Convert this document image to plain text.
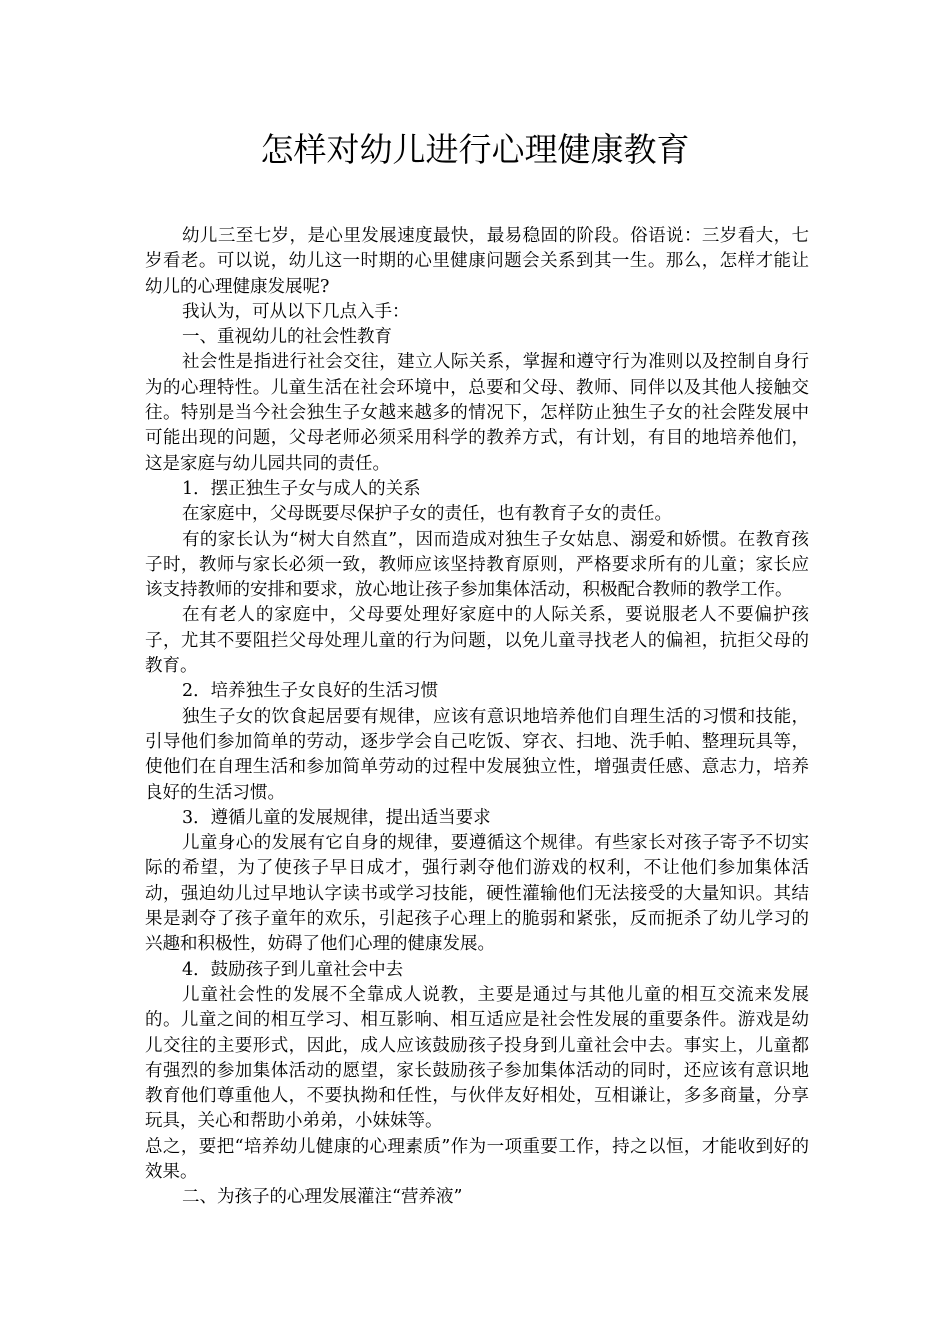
怎样对幼儿进行心理健康教育

幼儿三至七岁，是心里发展速度最快，最易稳固的阶段。俗语说：三岁看大，七岁看老。可以说，幼儿这一时期的心里健康问题会关系到其一生。那么，怎样才能让幼儿的心理健康发展呢?

我认为，可从以下几点入手：

一、重视幼儿的社会性教育

社会性是指进行社会交往，建立人际关系，掌握和遵守行为准则以及控制自身行为的心理特性。儿童生活在社会环境中，总要和父母、教师、同伴以及其他人接触交往。特别是当今社会独生子女越来越多的情况下，怎样防止独生子女的社会陛发展中可能出现的问题，父母老师必须采用科学的教养方式，有计划，有目的地培养他们，这是家庭与幼儿园共同的责任。

1．摆正独生子女与成人的关系

在家庭中，父母既要尽保护子女的责任，也有教育子女的责任。

有的家长认为“树大自然直”，因而造成对独生子女姑息、溺爱和娇惯。在教育孩子时，教师与家长必须一致，教师应该坚持教育原则，严格要求所有的儿童；家长应该支持教师的安排和要求，放心地让孩子参加集体活动，积极配合教师的教学工作。

在有老人的家庭中，父母要处理好家庭中的人际关系，要说服老人不要偏护孩子，尤其不要阻拦父母处理儿童的行为问题，以免儿童寻找老人的偏袒，抗拒父母的教育。

2．培养独生子女良好的生活习惯

独生子女的饮食起居要有规律，应该有意识地培养他们自理生活的习惯和技能，引导他们参加简单的劳动，逐步学会自己吃饭、穿衣、扫地、洗手帕、整理玩具等，使他们在自理生活和参加简单劳动的过程中发展独立性，增强责任感、意志力，培养良好的生活习惯。

3．遵循儿童的发展规律，提出适当要求

儿童身心的发展有它自身的规律，要遵循这个规律。有些家长对孩子寄予不切实际的希望，为了使孩子早日成才，强行剥夺他们游戏的权利，不让他们参加集体活动，强迫幼儿过早地认字读书或学习技能，硬性灌输他们无法接受的大量知识。其结果是剥夺了孩子童年的欢乐，引起孩子心理上的脆弱和紧张，反而扼杀了幼儿学习的兴趣和积极性，妨碍了他们心理的健康发展。

4．鼓励孩子到儿童社会中去

儿童社会性的发展不全靠成人说教，主要是通过与其他儿童的相互交流来发展的。儿童之间的相互学习、相互影响、相互适应是社会性发展的重要条件。游戏是幼儿交往的主要形式，因此，成人应该鼓励孩子投身到儿童社会中去。事实上，儿童都有强烈的参加集体活动的愿望，家长鼓励孩子参加集体活动的同时，还应该有意识地教育他们尊重他人，不要执拗和任性，与伙伴友好相处，互相谦让，多多商量，分享玩具，关心和帮助小弟弟，小妹妹等。

总之，要把“培养幼儿健康的心理素质”作为一项重要工作，持之以恒，才能收到好的效果。

二、为孩子的心理发展灌注“营养液”
